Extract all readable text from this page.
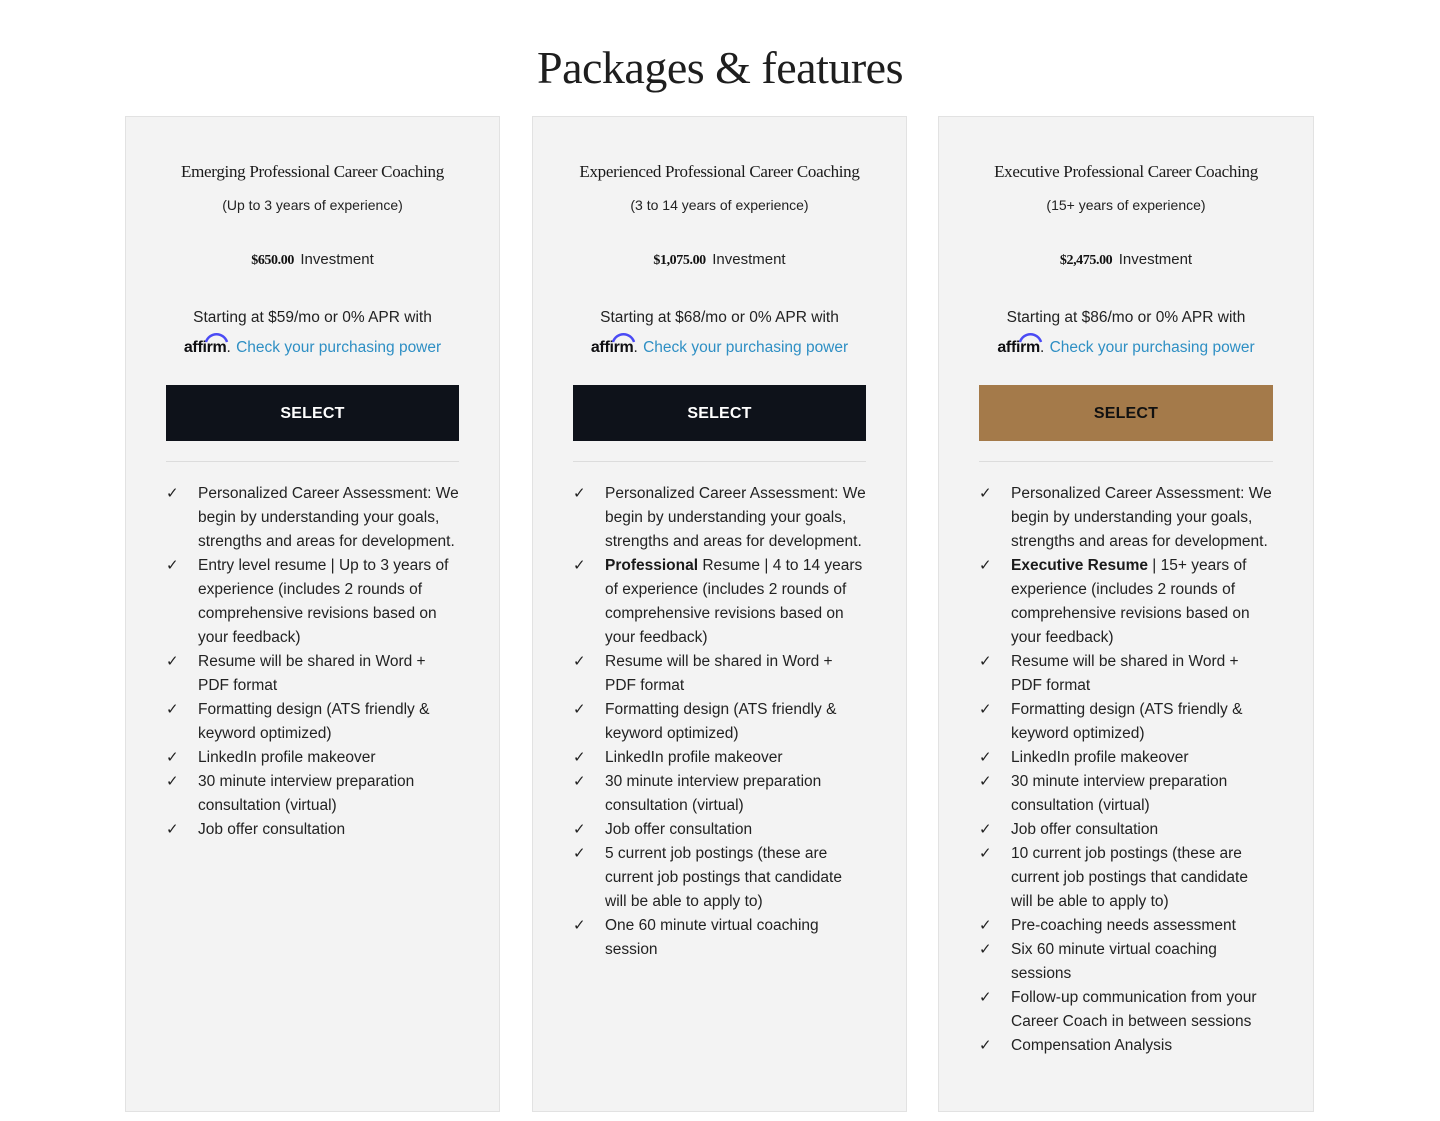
Packages & features
Emerging Professional Career Coaching
(Up to 3 years of experience)
$650.00 Investment
Starting at $59/mo or 0% APR with
affirm
. Check your purchasing power
SELECT
✓ Personalized Career Assessment: We begin by understanding your goals, strengths and areas for development.
✓ Entry level resume | Up to 3 years of experience (includes 2 rounds of comprehensive revisions based on your feedback)
✓ Resume will be shared in Word + PDF format
✓ Formatting design (ATS friendly & keyword optimized)
✓ LinkedIn profile makeover
✓ 30 minute interview preparation consultation (virtual)
✓ Job offer consultation
Experienced Professional Career Coaching
(3 to 14 years of experience)
$1,075.00 Investment
Starting at $68/mo or 0% APR with
affirm
. Check your purchasing power
SELECT
✓ Personalized Career Assessment: We begin by understanding your goals, strengths and areas for development.
✓ Professional Resume | 4 to 14 years of experience (includes 2 rounds of comprehensive revisions based on your feedback)
✓ Resume will be shared in Word + PDF format
✓ Formatting design (ATS friendly & keyword optimized)
✓ LinkedIn profile makeover
✓ 30 minute interview preparation consultation (virtual)
✓ Job offer consultation
✓ 5 current job postings (these are current job postings that candidate will be able to apply to)
✓ One 60 minute virtual coaching session
Executive Professional Career Coaching
(15+ years of experience)
$2,475.00 Investment
Starting at $86/mo or 0% APR with
affirm
. Check your purchasing power
SELECT
✓ Personalized Career Assessment: We begin by understanding your goals, strengths and areas for development.
✓ Executive Resume | 15+ years of experience (includes 2 rounds of comprehensive revisions based on your feedback)
✓ Resume will be shared in Word + PDF format
✓ Formatting design (ATS friendly & keyword optimized)
✓ LinkedIn profile makeover
✓ 30 minute interview preparation consultation (virtual)
✓ Job offer consultation
✓ 10 current job postings (these are current job postings that candidate will be able to apply to)
✓ Pre-coaching needs assessment
✓ Six 60 minute virtual coaching sessions
✓ Follow-up communication from your Career Coach in between sessions
✓ Compensation Analysis
